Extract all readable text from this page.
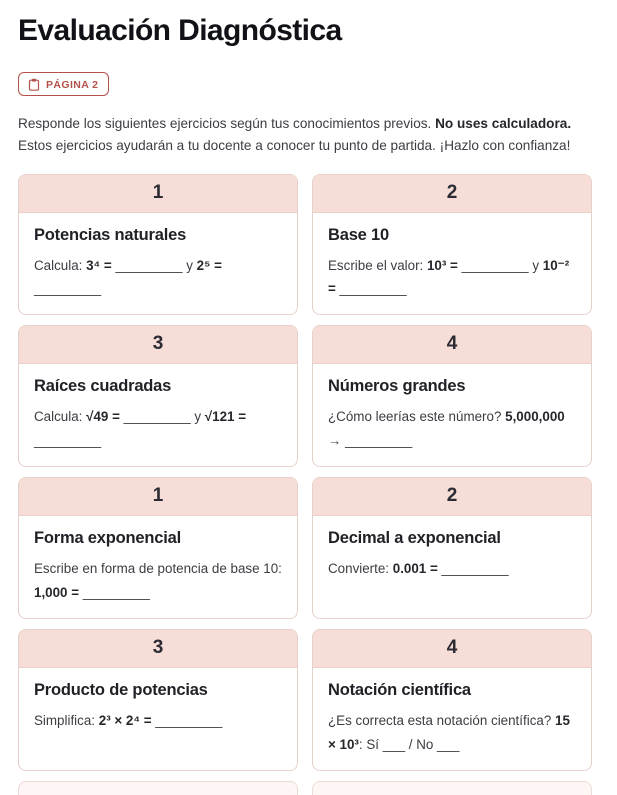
Evaluación Diagnóstica
PÁGINA 2

Responde los siguientes ejercicios según tus conocimientos previos. No uses calculadora. Estos ejercicios ayudarán a tu docente a conocer tu punto de partida. ¡Hazlo con confianza!

1
Potencias naturales
Calcula: 3⁴ = _________ y 2⁵ = _________
2
Base 10
Escribe el valor: 10³ = _________ y 10⁻² = _________
3
Raíces cuadradas
Calcula: √49 = _________ y √121 = _________
4
Números grandes
¿Cómo leerías este número? 5,000,000 → _________
1
Forma exponencial
Escribe en forma de potencia de base 10: 1,000 = _________
2
Decimal a exponencial
Convierte: 0.001 = _________
3
Producto de potencias
Simplifica: 2³ × 2⁴ = _________
4
Notación científica
¿Es correcta esta notación científica? 15 × 10³: Sí ___ / No ___
